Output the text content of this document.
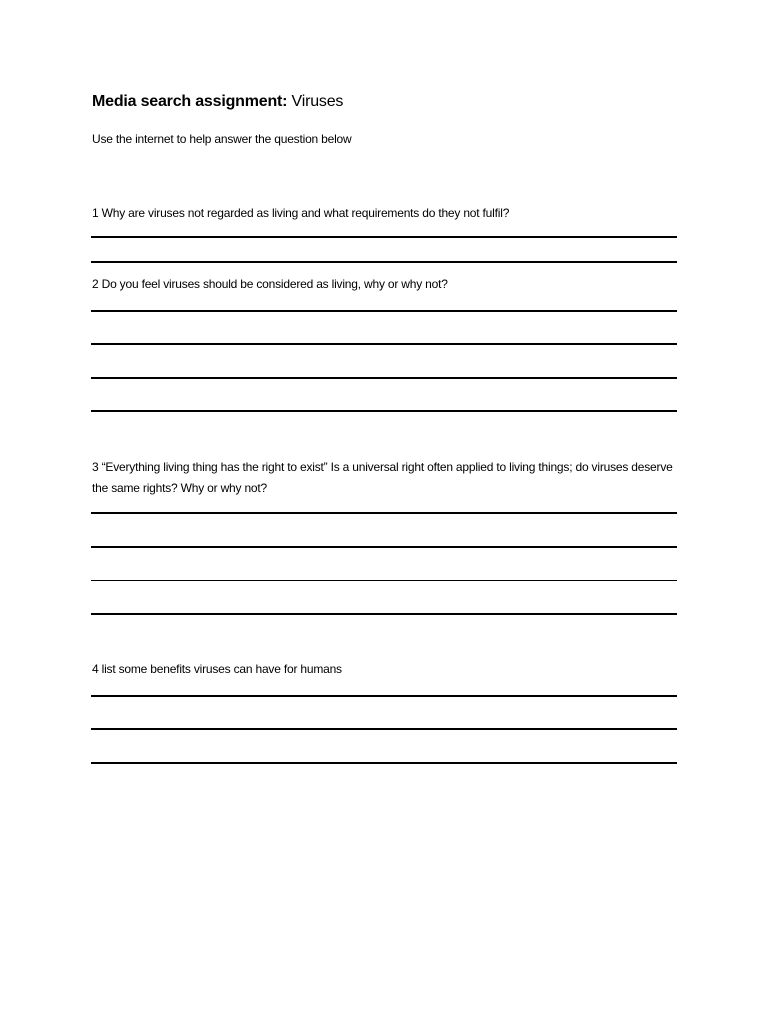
Media search assignment: Viruses
Use the internet to help answer the question below
1 Why are viruses not regarded as living and what requirements do they not fulfil?
2 Do you feel viruses should be considered as living, why or why not?
3 “Everything living thing has the right to exist” Is a universal right often applied to living things; do viruses deserve the same rights? Why or why not?
4 list some benefits viruses can have for humans
